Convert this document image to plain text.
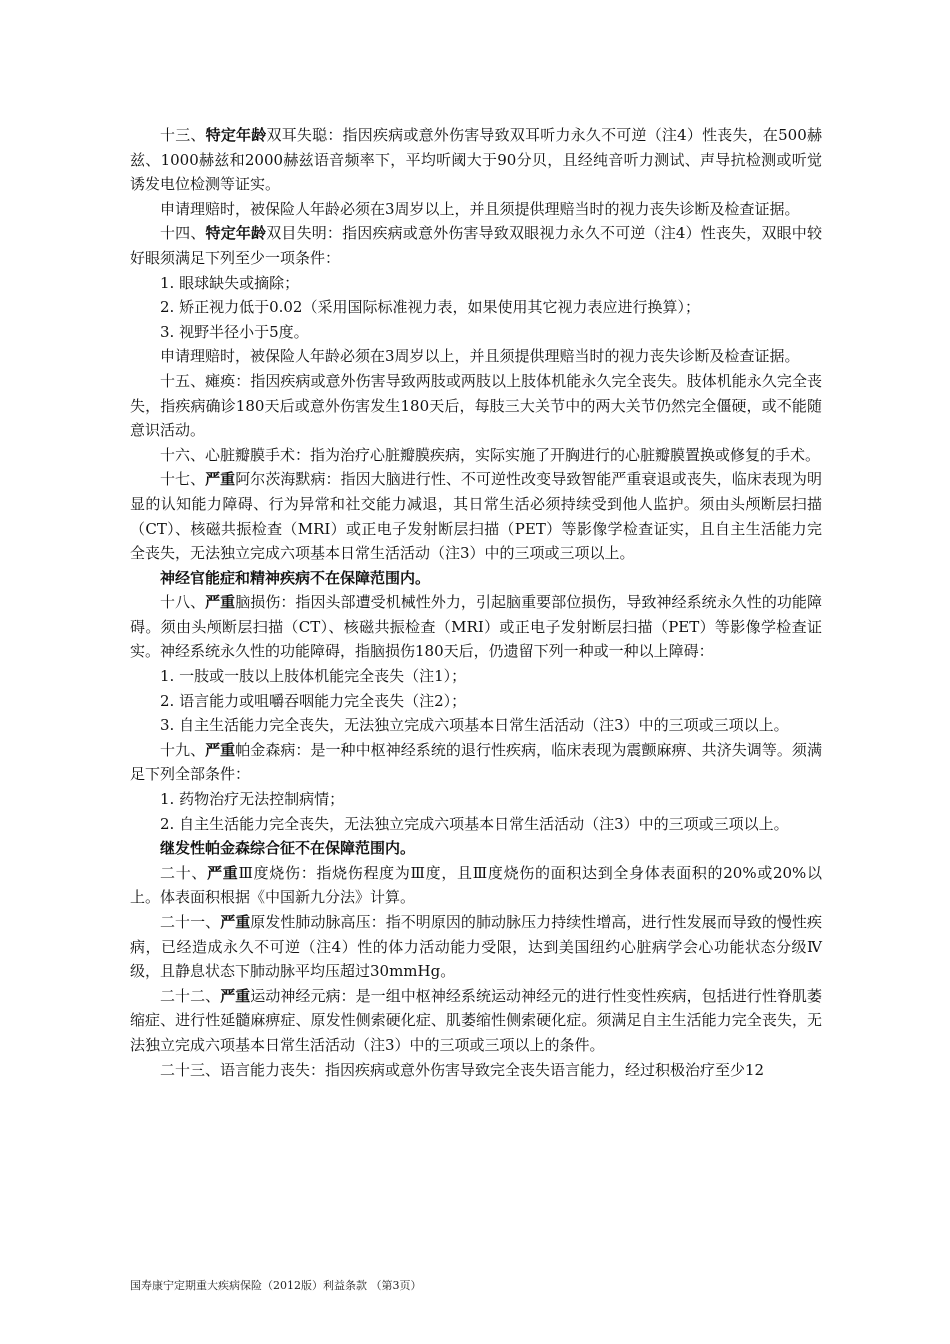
十三、特定年龄双耳失聪：指因疾病或意外伤害导致双耳听力永久不可逆（注4）性丧失，在500赫兹、1000赫兹和2000赫兹语音频率下，平均听阈大于90分贝，且经纯音听力测试、声导抗检测或听觉诱发电位检测等证实。

申请理赔时，被保险人年龄必须在3周岁以上，并且须提供理赔当时的视力丧失诊断及检查证据。

十四、特定年龄双目失明：指因疾病或意外伤害导致双眼视力永久不可逆（注4）性丧失，双眼中较好眼须满足下列至少一项条件：

1. 眼球缺失或摘除；

2. 矫正视力低于0.02（采用国际标准视力表，如果使用其它视力表应进行换算）；

3. 视野半径小于5度。

申请理赔时，被保险人年龄必须在3周岁以上，并且须提供理赔当时的视力丧失诊断及检查证据。

十五、瘫痪：指因疾病或意外伤害导致两肢或两肢以上肢体机能永久完全丧失。肢体机能永久完全丧失，指疾病确诊180天后或意外伤害发生180天后，每肢三大关节中的两大关节仍然完全僵硬，或不能随意识活动。

十六、心脏瓣膜手术：指为治疗心脏瓣膜疾病，实际实施了开胸进行的心脏瓣膜置换或修复的手术。

十七、严重阿尔茨海默病：指因大脑进行性、不可逆性改变导致智能严重衰退或丧失，临床表现为明显的认知能力障碍、行为异常和社交能力减退，其日常生活必须持续受到他人监护。须由头颅断层扫描（CT）、核磁共振检查（MRI）或正电子发射断层扫描（PET）等影像学检查证实，且自主生活能力完全丧失，无法独立完成六项基本日常生活活动（注3）中的三项或三项以上。

神经官能症和精神疾病不在保障范围内。

十八、严重脑损伤：指因头部遭受机械性外力，引起脑重要部位损伤，导致神经系统永久性的功能障碍。须由头颅断层扫描（CT）、核磁共振检查（MRI）或正电子发射断层扫描（PET）等影像学检查证实。神经系统永久性的功能障碍，指脑损伤180天后，仍遗留下列一种或一种以上障碍：

1. 一肢或一肢以上肢体机能完全丧失（注1）；

2. 语言能力或咀嚼吞咽能力完全丧失（注2）；

3. 自主生活能力完全丧失，无法独立完成六项基本日常生活活动（注3）中的三项或三项以上。

十九、严重帕金森病：是一种中枢神经系统的退行性疾病，临床表现为震颤麻痹、共济失调等。须满足下列全部条件：

1. 药物治疗无法控制病情；

2. 自主生活能力完全丧失，无法独立完成六项基本日常生活活动（注3）中的三项或三项以上。

继发性帕金森综合征不在保障范围内。

二十、严重Ⅲ度烧伤：指烧伤程度为Ⅲ度，且Ⅲ度烧伤的面积达到全身体表面积的20%或20%以上。体表面积根据《中国新九分法》计算。

二十一、严重原发性肺动脉高压：指不明原因的肺动脉压力持续性增高，进行性发展而导致的慢性疾病，已经造成永久不可逆（注4）性的体力活动能力受限，达到美国纽约心脏病学会心功能状态分级Ⅳ级，且静息状态下肺动脉平均压超过30mmHg。

二十二、严重运动神经元病：是一组中枢神经系统运动神经元的进行性变性疾病，包括进行性脊肌萎缩症、进行性延髓麻痹症、原发性侧索硬化症、肌萎缩性侧索硬化症。须满足自主生活能力完全丧失，无法独立完成六项基本日常生活活动（注3）中的三项或三项以上的条件。

二十三、语言能力丧失：指因疾病或意外伤害导致完全丧失语言能力，经过积极治疗至少12

国寿康宁定期重大疾病保险（2012版）利益条款 （第3页）
